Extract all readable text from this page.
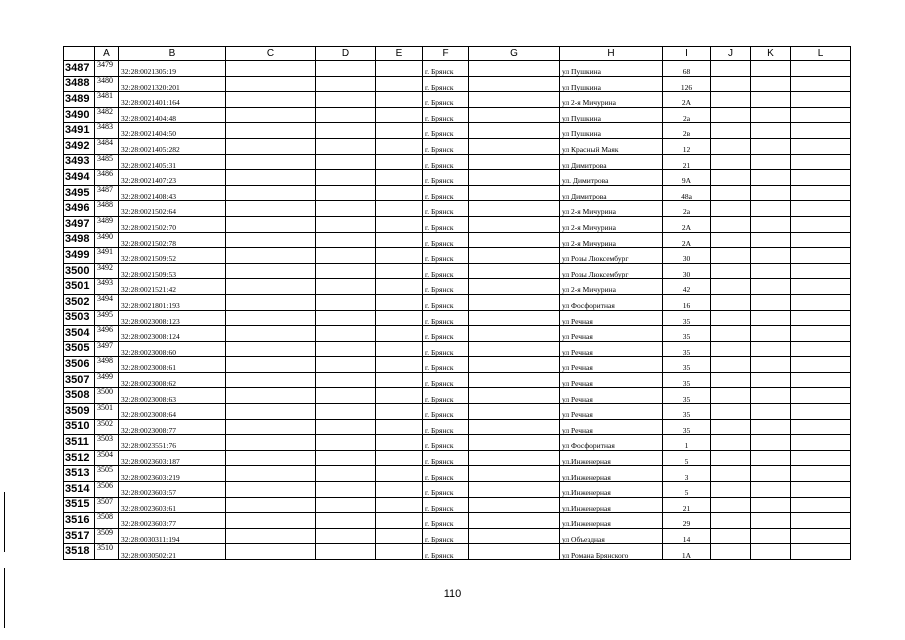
	A	B	C	D	E	F	G	H	I	J	K	L
3487	3479	32:28:0021305:19				г. Брянск		ул Пушкина	68			
3488	3480	32:28:0021320:201				г. Брянск		ул Пушкина	126			
3489	3481	32:28:0021401:164				г. Брянск		ул 2-я Мичурина	2А			
3490	3482	32:28:0021404:48				г. Брянск		ул Пушкина	2а			
3491	3483	32:28:0021404:50				г. Брянск		ул Пушкина	2в			
3492	3484	32:28:0021405:282				г. Брянск		ул Красный Маяк	12			
3493	3485	32:28:0021405:31				г. Брянск		ул Димитрова	21			
3494	3486	32:28:0021407:23				г. Брянск		ул. Димитрова	9А			
3495	3487	32:28:0021408:43				г. Брянск		ул Димитрова	48а			
3496	3488	32:28:0021502:64				г. Брянск		ул 2-я Мичурина	2а			
3497	3489	32:28:0021502:70				г. Брянск		ул 2-я Мичурина	2А			
3498	3490	32:28:0021502:78				г. Брянск		ул 2-я Мичурина	2А			
3499	3491	32:28:0021509:52				г. Брянск		ул Розы Люксембург	30			
3500	3492	32:28:0021509:53				г. Брянск		ул Розы Люксембург	30			
3501	3493	32:28:0021521:42				г. Брянск		ул 2-я Мичурина	42			
3502	3494	32:28:0021801:193				г. Брянск		ул Фосфоритная	16			
3503	3495	32:28:0023008:123				г. Брянск		ул Речная	35			
3504	3496	32:28:0023008:124				г. Брянск		ул Речная	35			
3505	3497	32:28:0023008:60				г. Брянск		ул Речная	35			
3506	3498	32:28:0023008:61				г. Брянск		ул Речная	35			
3507	3499	32:28:0023008:62				г. Брянск		ул Речная	35			
3508	3500	32:28:0023008:63				г. Брянск		ул Речная	35			
3509	3501	32:28:0023008:64				г. Брянск		ул Речная	35			
3510	3502	32:28:0023008:77				г. Брянск		ул Речная	35			
3511	3503	32:28:0023551:76				г. Брянск		ул Фосфоритная	1			
3512	3504	32:28:0023603:187				г. Брянск		ул.Инженерная	5			
3513	3505	32:28:0023603:219				г. Брянск		ул.Инженерная	3			
3514	3506	32:28:0023603:57				г. Брянск		ул.Инженерная	5			
3515	3507	32:28:0023603:61				г. Брянск		ул.Инженерная	21			
3516	3508	32:28:0023603:77				г. Брянск		ул.Инженерная	29			
3517	3509	32:28:0030311:194				г. Брянск		ул Объездная	14			
3518	3510	32:28:0030502:21				г. Брянск		ул Романа Брянского	1А			
110
